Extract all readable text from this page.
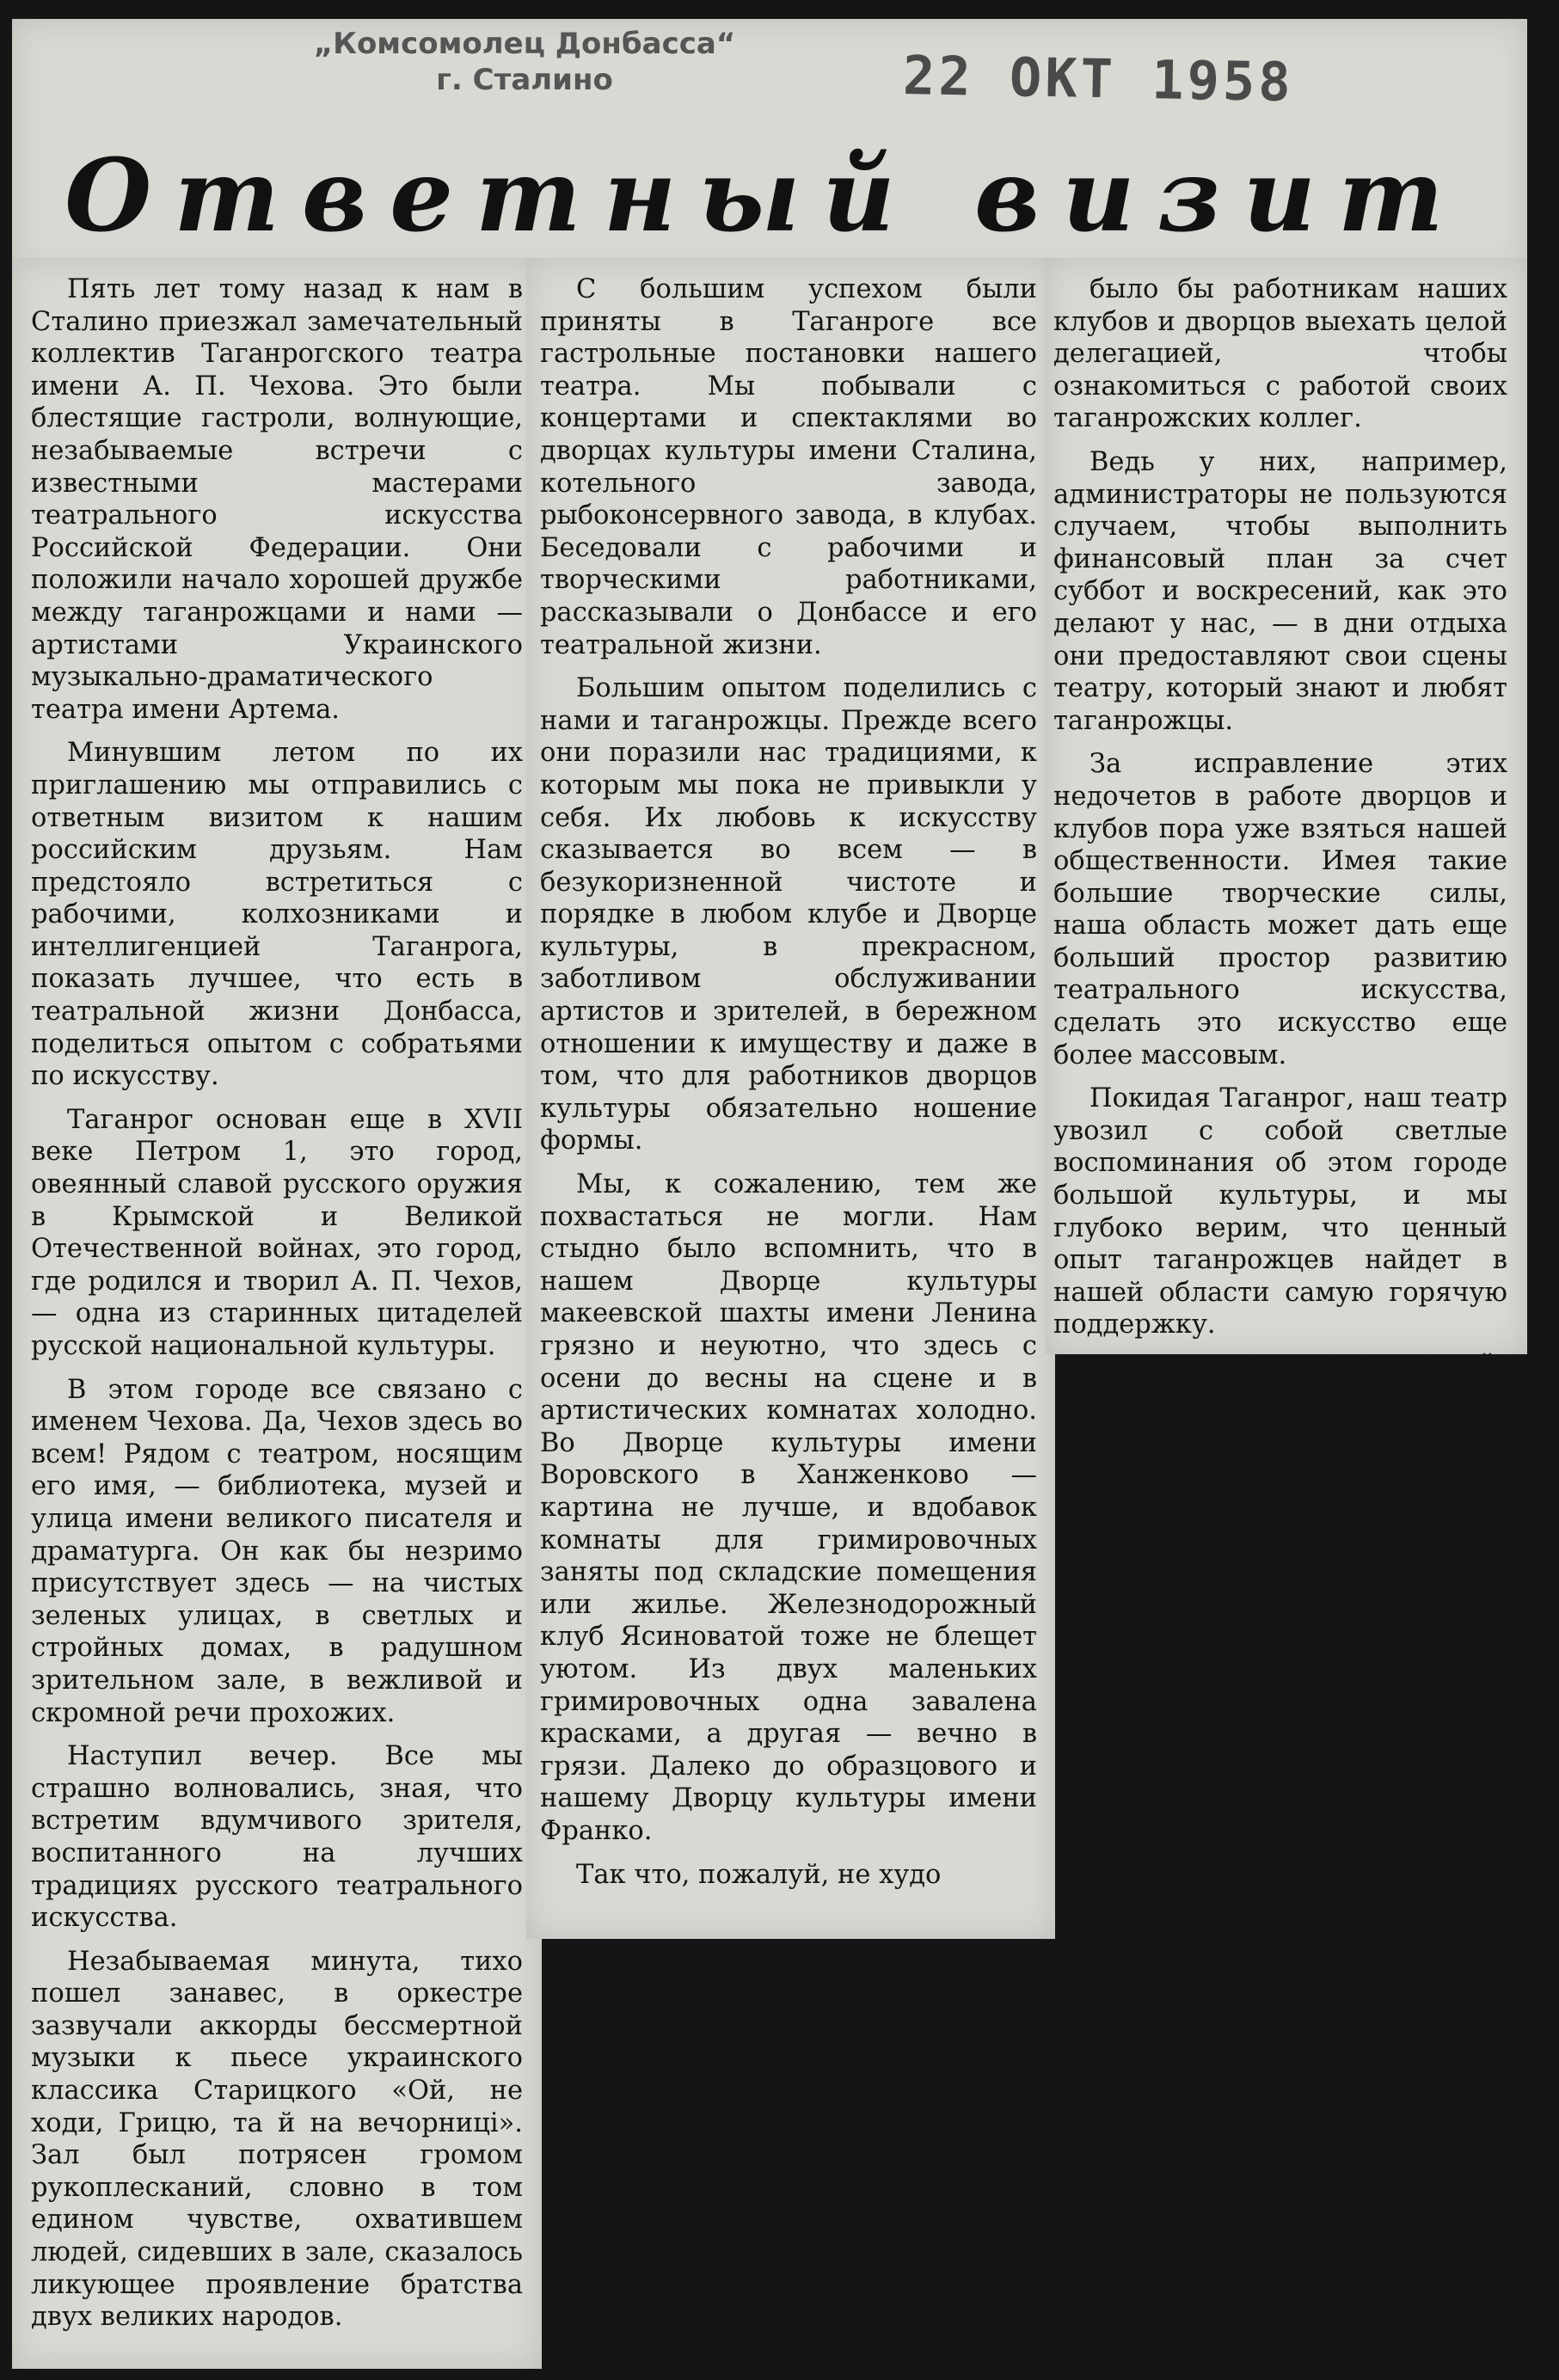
„Комсомолец Донбасса“
г. Сталино	22 ОКТ 1958
Ответный визит

Пять лет тому назад к нам в Сталино приезжал замечательный коллектив Таганрогского театра имени А. П. Чехова. Это были блестящие гастроли, волнующие, незабываемые встречи с известными мастерами театрального искусства Российской Федерации. Они положили начало хорошей дружбе между таганрожцами и нами — артистами Украинского музыкально-драматического театра имени Артема.

Минувшим летом по их приглашению мы отправились с ответным визитом к нашим российским друзьям. Нам предстояло встретиться с рабочими, колхозниками и интеллигенцией Таганрога, показать лучшее, что есть в театральной жизни Донбасса, поделиться опытом с собратьями по искусству.

Таганрог основан еще в XVII веке Петром 1, это город, овеянный славой русского оружия в Крымской и Великой Отечественной войнах, это город, где родился и творил А. П. Чехов, — одна из старинных цитаделей русской национальной культуры.

В этом городе все связано с именем Чехова. Да, Чехов здесь во всем! Рядом с театром, носящим его имя, — библиотека, музей и улица имени великого писателя и драматурга. Он как бы незримо присутствует здесь — на чистых зеленых улицах, в светлых и стройных домах, в радушном зрительном зале, в вежливой и скромной речи прохожих.

Наступил вечер. Все мы страшно волновались, зная, что встретим вдумчивого зрителя, воспитанного на лучших традициях русского театрального искусства.

Незабываемая минута, тихо пошел занавес, в оркестре зазвучали аккорды бессмертной музыки к пьесе украинского классика Старицкого «Ой, не ходи, Грицю, та й на вечорниці». Зал был потрясен громом рукоплесканий, словно в том едином чувстве, охватившем людей, сидевших в зале, сказалось ликующее проявление братства двух великих народов.

С большим успехом были приняты в Таганроге все гастрольные постановки нашего театра. Мы побывали с концертами и спектаклями во дворцах культуры имени Сталина, котельного завода, рыбоконсервного завода, в клубах. Беседовали с рабочими и творческими работниками, рассказывали о Донбассе и его театральной жизни.

Большим опытом поделились с нами и таганрожцы. Прежде всего они поразили нас традициями, к которым мы пока не привыкли у себя. Их любовь к искусству сказывается во всем — в безукоризненной чистоте и порядке в любом клубе и Дворце культуры, в прекрасном, заботливом обслуживании артистов и зрителей, в бережном отношении к имуществу и даже в том, что для работников дворцов культуры обязательно ношение формы.

Мы, к сожалению, тем же похвастаться не могли. Нам стыдно было вспомнить, что в нашем Дворце культуры макеевской шахты имени Ленина грязно и неуютно, что здесь с осени до весны на сцене и в артистических комнатах холодно. Во Дворце культуры имени Воровского в Ханженково — картина не лучше, и вдобавок комнаты для гримировочных заняты под складские помещения или жилье. Железнодорожный клуб Ясиноватой тоже не блещет уютом. Из двух маленьких гримировочных одна завалена красками, а другая — вечно в грязи. Далеко до образцового и нашему Дворцу культуры имени Франко.

Так что, пожалуй, не худо

было бы работникам наших клубов и дворцов выехать целой делегацией, чтобы ознакомиться с работой своих таганрожских коллег.

Ведь у них, например, администраторы не пользуются случаем, чтобы выполнить финансовый план за счет суббот и воскресений, как это делают у нас, — в дни отдыха они предоставляют свои сцены театру, который знают и любят таганрожцы.

За исправление этих недочетов в работе дворцов и клубов пора уже взяться нашей общественности. Имея такие большие творческие силы, наша область может дать еще больший простор развитию театрального искусства, сделать это искусство еще более массовым.

Покидая Таганрог, наш театр увозил с собой светлые воспоминания об этом городе большой культуры, и мы глубоко верим, что ценный опыт таганрожцев найдет в нашей области самую горячую поддержку.

Е. И. ГАЛИНСКИЙ.
Заслуженный артист УССР.
